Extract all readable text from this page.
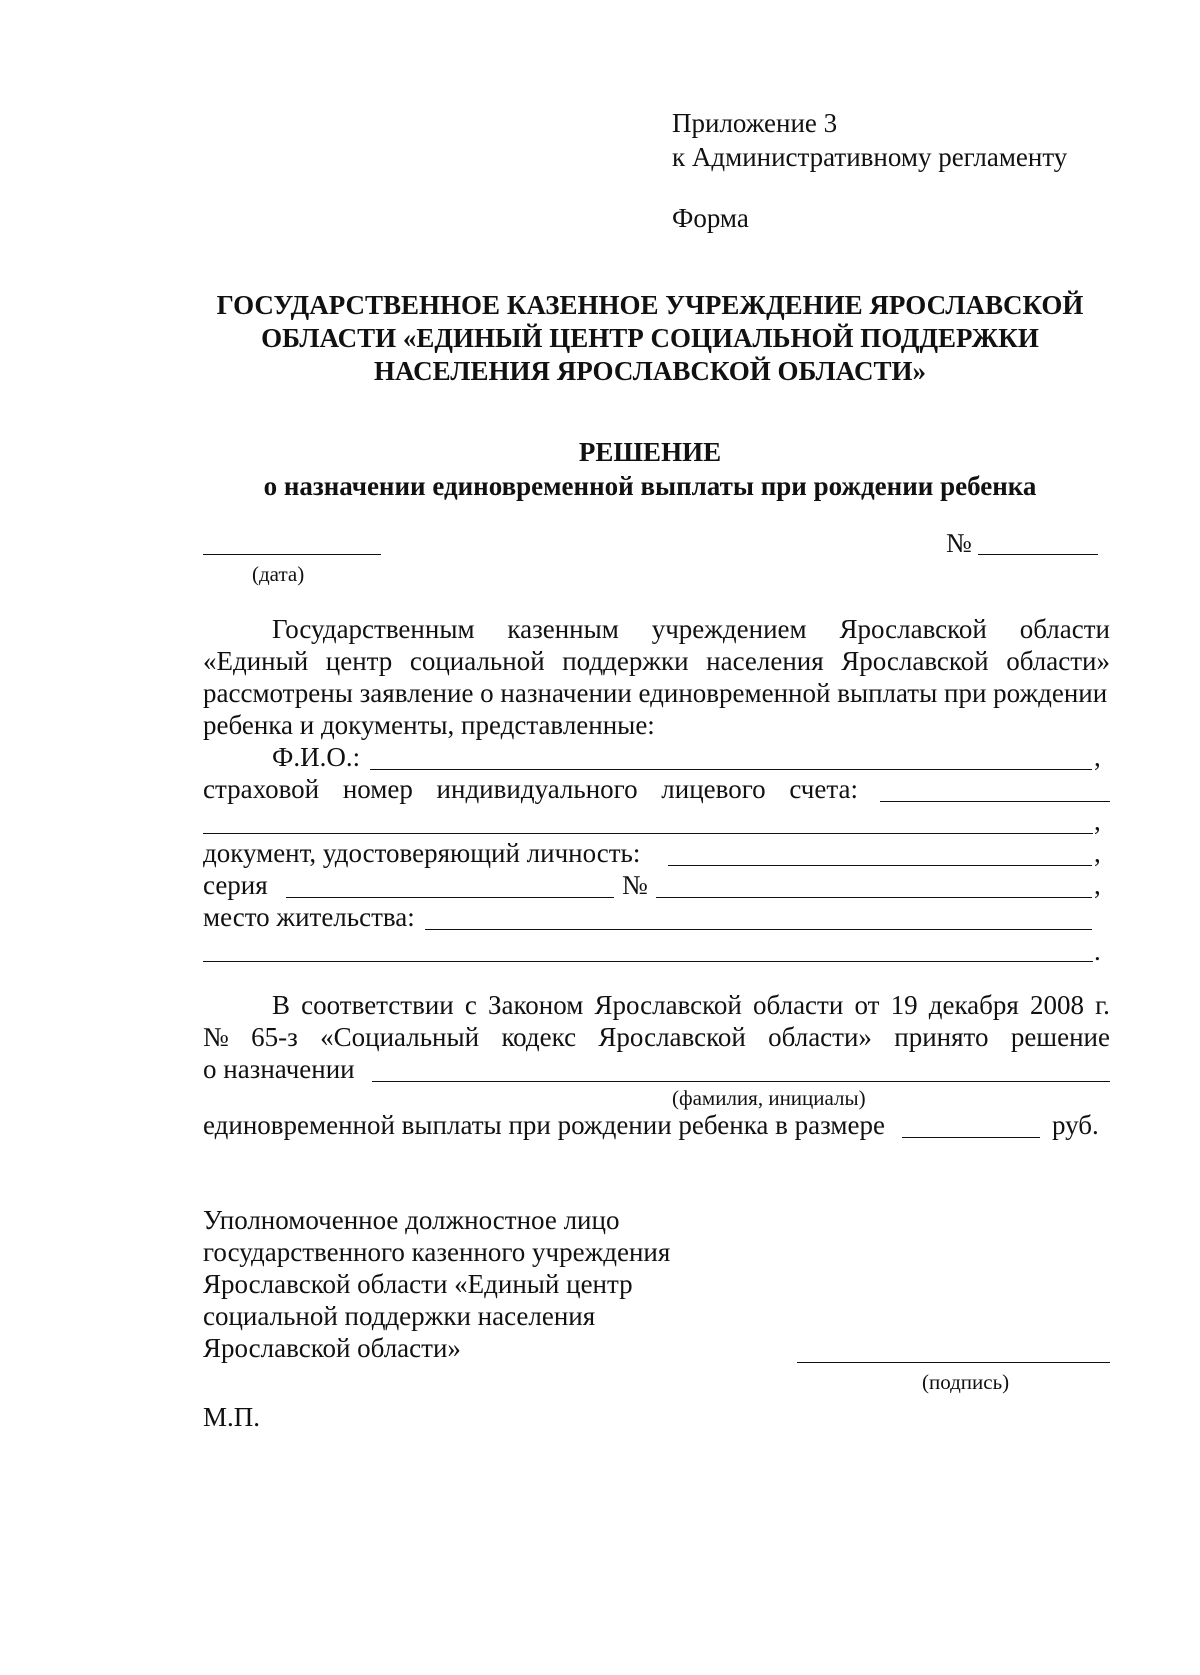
Приложение 3
к Административному регламенту
Форма
ГОСУДАРСТВЕННОЕ КАЗЕННОЕ УЧРЕЖДЕНИЕ ЯРОСЛАВСКОЙ
ОБЛАСТИ «ЕДИНЫЙ ЦЕНТР СОЦИАЛЬНОЙ ПОДДЕРЖКИ
НАСЕЛЕНИЯ ЯРОСЛАВСКОЙ ОБЛАСТИ»
РЕШЕНИЕ
о назначении единовременной выплаты при рождении ребенка
(дата)
№
Государственным казенным учреждением Ярославской области
«Единый центр социальной поддержки населения Ярославской области»
рассмотрены заявление о назначении единовременной выплаты при рождении
ребенка и документы, представленные:
Ф.И.О.:	,
страховой номер индивидуального лицевого счета:
,
документ, удостоверяющий личность:	,
серия	№	,
место жительства:
.
В соответствии с Законом Ярославской области от 19 декабря 2008 г.
№ 65-з «Социальный кодекс Ярославской области» принято решение
о назначении
(фамилия, инициалы)
единовременной выплаты при рождении ребенка в размере	руб.
Уполномоченное должностное лицо
государственного казенного учреждения
Ярославской области «Единый центр
социальной поддержки населения
Ярославской области»
(подпись)
М.П.
